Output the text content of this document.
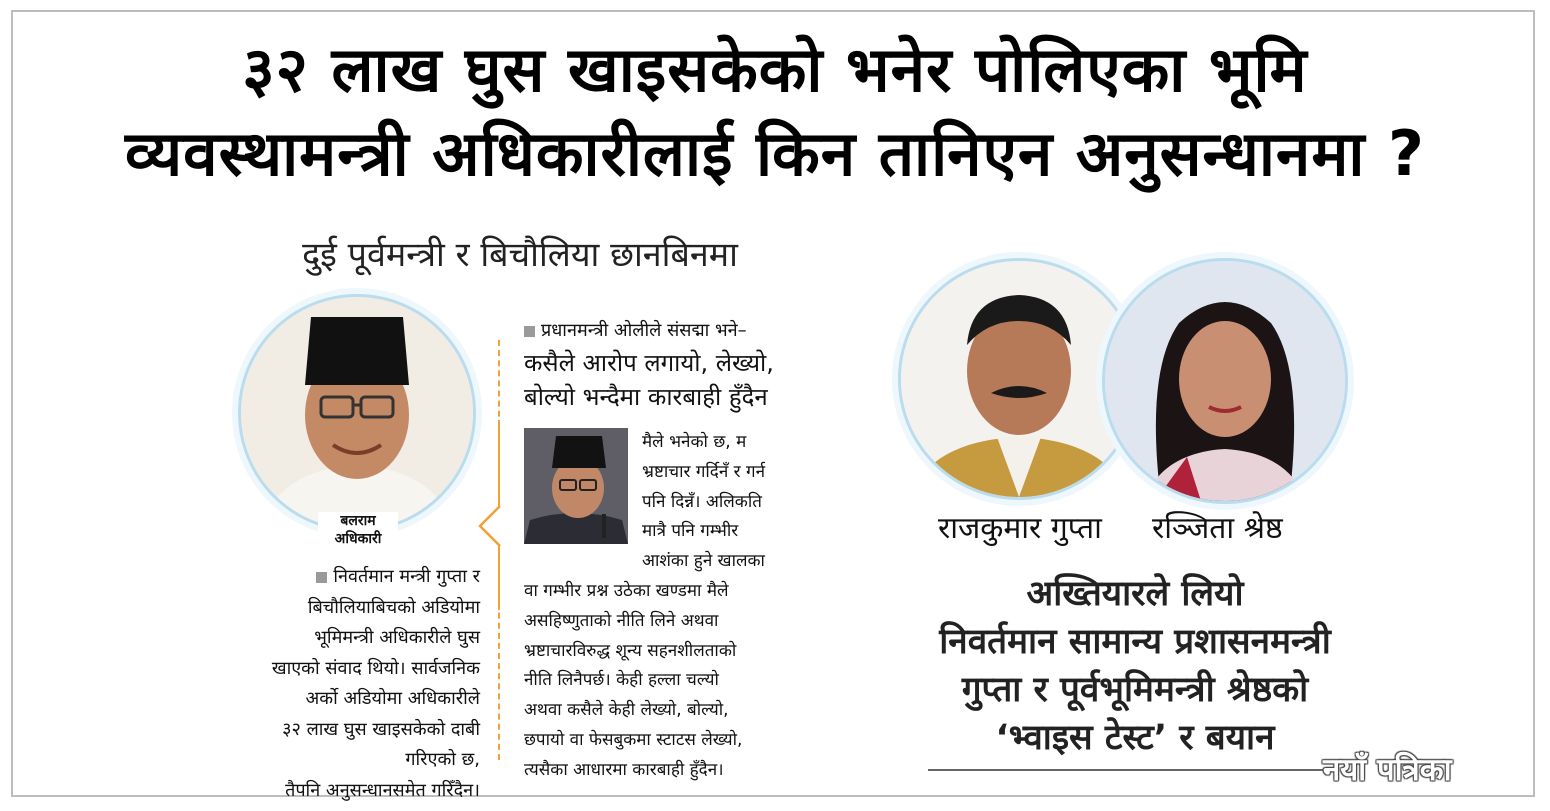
३२ लाख घुस खाइसकेको भनेर पोलिएका भूमि
व्यवस्थामन्त्री अधिकारीलाई किन तानिएन अनुसन्धानमा ?
दुई पूर्वमन्त्री र बिचौलिया छानबिनमा
बलराम
अधिकारी
निवर्तमान मन्त्री गुप्ता र
बिचौलियाबिचको अडियोमा
भूमिमन्त्री अधिकारीले घुस
खाएको संवाद थियो। सार्वजनिक
अर्को अडियोमा अधिकारीले
३२ लाख घुस खाइसकेको दाबी
गरिएको छ,
तैपनि अनुसन्धानसमेत गरिँदैन।
प्रधानमन्त्री ओलीले संसद्मा भने–
कसैले आरोप लगायो, लेख्यो,
बोल्यो भन्दैमा कारबाही हुँदैन
मैले भनेको छ, म
भ्रष्टाचार गर्दिनँ र गर्न
पनि दिन्नँ। अलिकति
मात्रै पनि गम्भीर
आशंका हुने खालका
वा गम्भीर प्रश्न उठेका खण्डमा मैले
असहिष्णुताको नीति लिने अथवा
भ्रष्टाचारविरुद्ध शून्य सहनशीलताको
नीति लिनैपर्छ। केही हल्ला चल्यो
अथवा कसैले केही लेख्यो, बोल्यो,
छपायो वा फेसबुकमा स्टाटस लेख्यो,
त्यसैका आधारमा कारबाही हुँदैन।
राजकुमार गुप्ता रञ्जिता श्रेष्ठ
अख्तियारले लियो
निवर्तमान सामान्य प्रशासनमन्त्री
गुप्ता र पूर्वभूमिमन्त्री श्रेष्ठको
‘भ्वाइस टेस्ट’ र बयान
नयाँ पत्रिका
